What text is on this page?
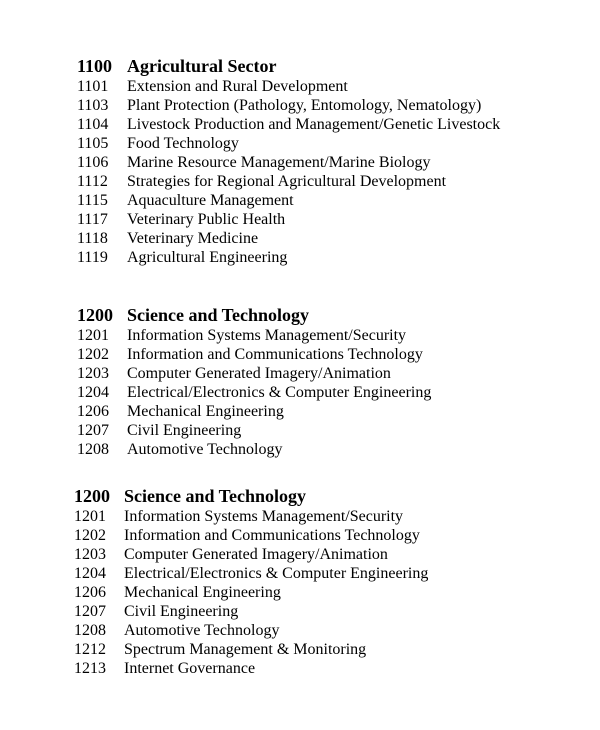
1100 Agricultural Sector
1101	Extension and Rural Development
1103	Plant Protection (Pathology, Entomology, Nematology)
1104	Livestock Production and Management/Genetic Livestock
1105	Food Technology
1106	Marine Resource Management/Marine Biology
1112	Strategies for Regional Agricultural Development
1115	Aquaculture Management
1117	Veterinary Public Health
1118	Veterinary Medicine
1119	Agricultural Engineering
1200 Science and Technology
1201	Information Systems Management/Security
1202	Information and Communications Technology
1203	Computer Generated Imagery/Animation
1204	Electrical/Electronics & Computer Engineering
1206	Mechanical Engineering
1207	Civil Engineering
1208	Automotive Technology
1200 Science and Technology
1201	Information Systems Management/Security
1202	Information and Communications Technology
1203	Computer Generated Imagery/Animation
1204	Electrical/Electronics & Computer Engineering
1206	Mechanical Engineering
1207	Civil Engineering
1208	Automotive Technology
1212	Spectrum Management & Monitoring
1213	Internet Governance
